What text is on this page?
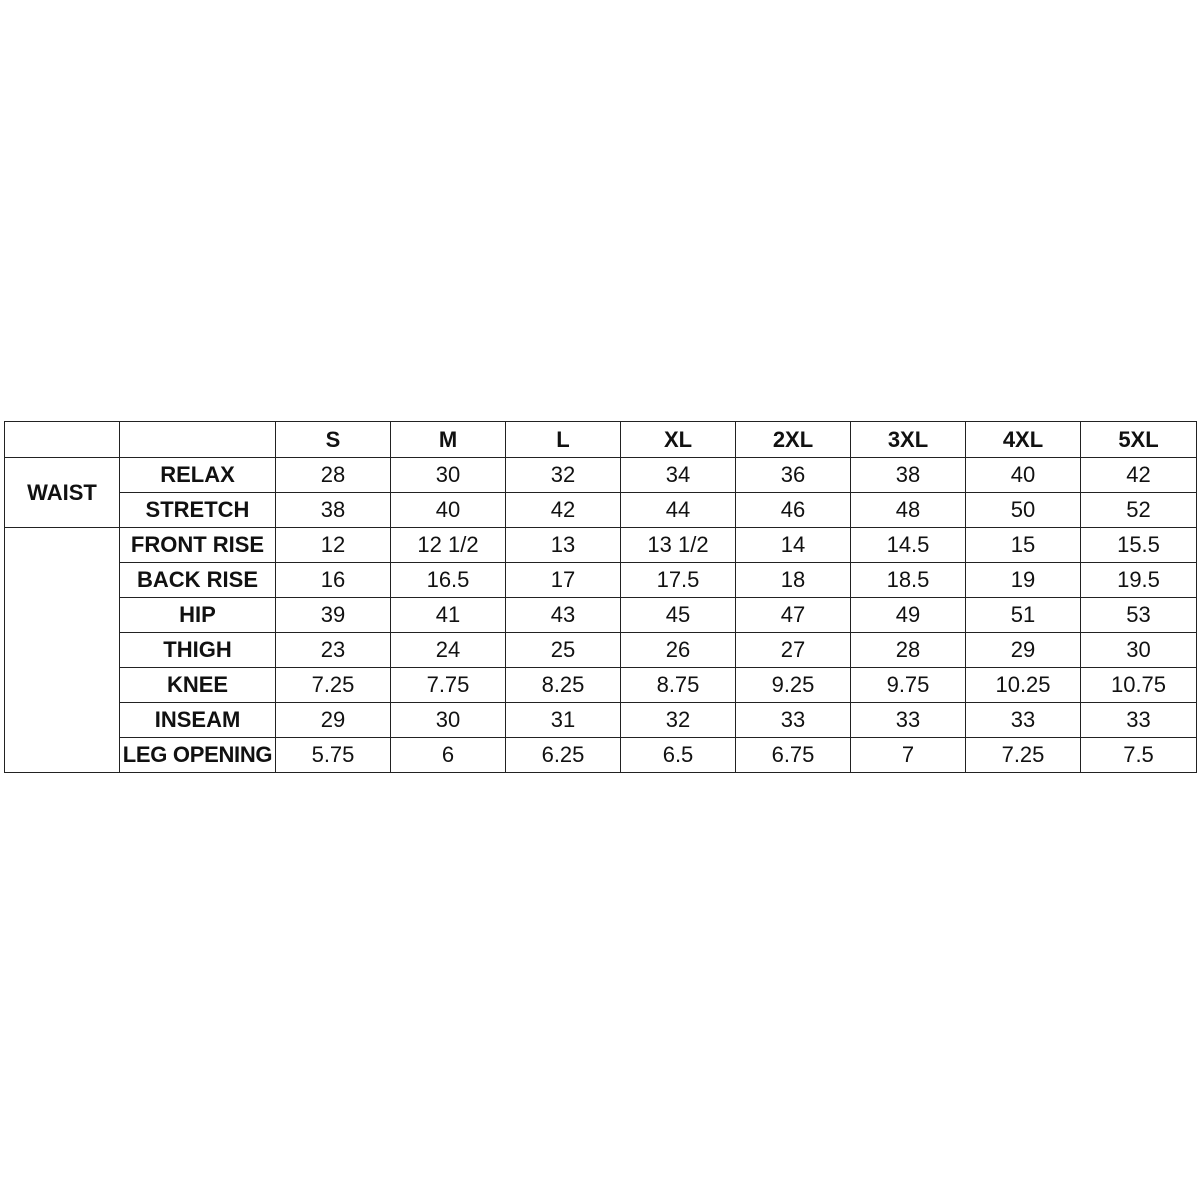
		S	M	L	XL	2XL	3XL	4XL	5XL
WAIST	RELAX	28	30	32	34	36	38	40	42
	STRETCH	38	40	42	44	46	48	50	52
	FRONT RISE	12	12 1/2	13	13 1/2	14	14.5	15	15.5
	BACK RISE	16	16.5	17	17.5	18	18.5	19	19.5
	HIP	39	41	43	45	47	49	51	53
	THIGH	23	24	25	26	27	28	29	30
	KNEE	7.25	7.75	8.25	8.75	9.25	9.75	10.25	10.75
	INSEAM	29	30	31	32	33	33	33	33
	LEG OPENING	5.75	6	6.25	6.5	6.75	7	7.25	7.5
